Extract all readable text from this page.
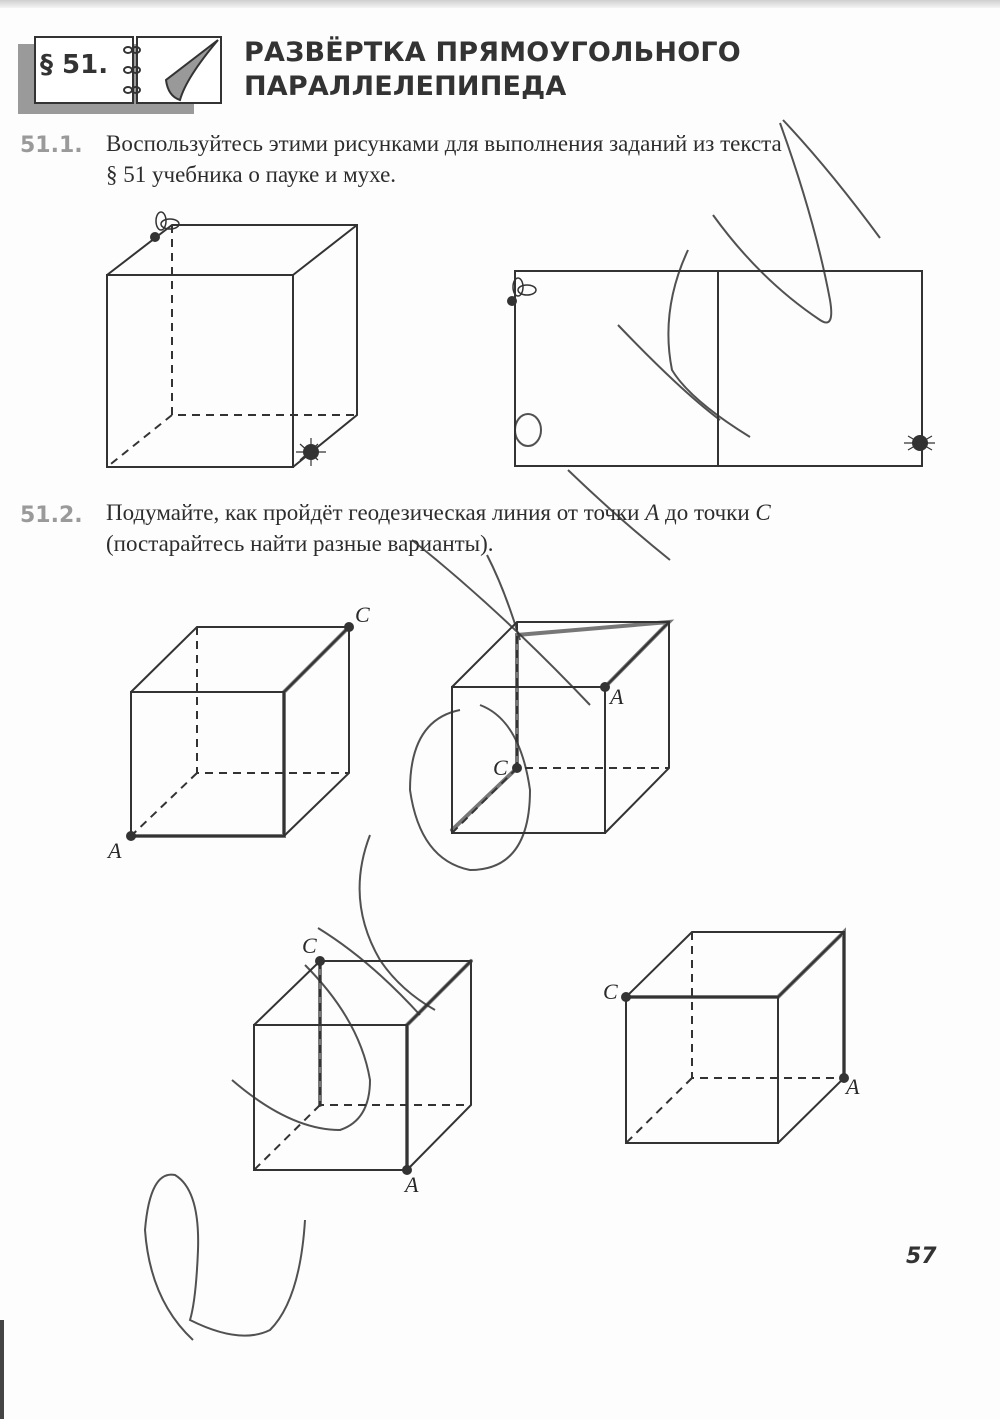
§ 51.	РАЗВЁРТКА ПРЯМОУГОЛЬНОГО
ПАРАЛЛЕЛЕПИПЕДА
51.1. Воспользуйтесь этими рисунками для выполнения заданий из текста
§ 51 учебника о пауке и мухе.
51.2. Подумайте, как пройдёт геодезическая линия от точки A до точки C
(постарайтесь найти разные варианты).
A
C
A
C
A
C
A
C
57
